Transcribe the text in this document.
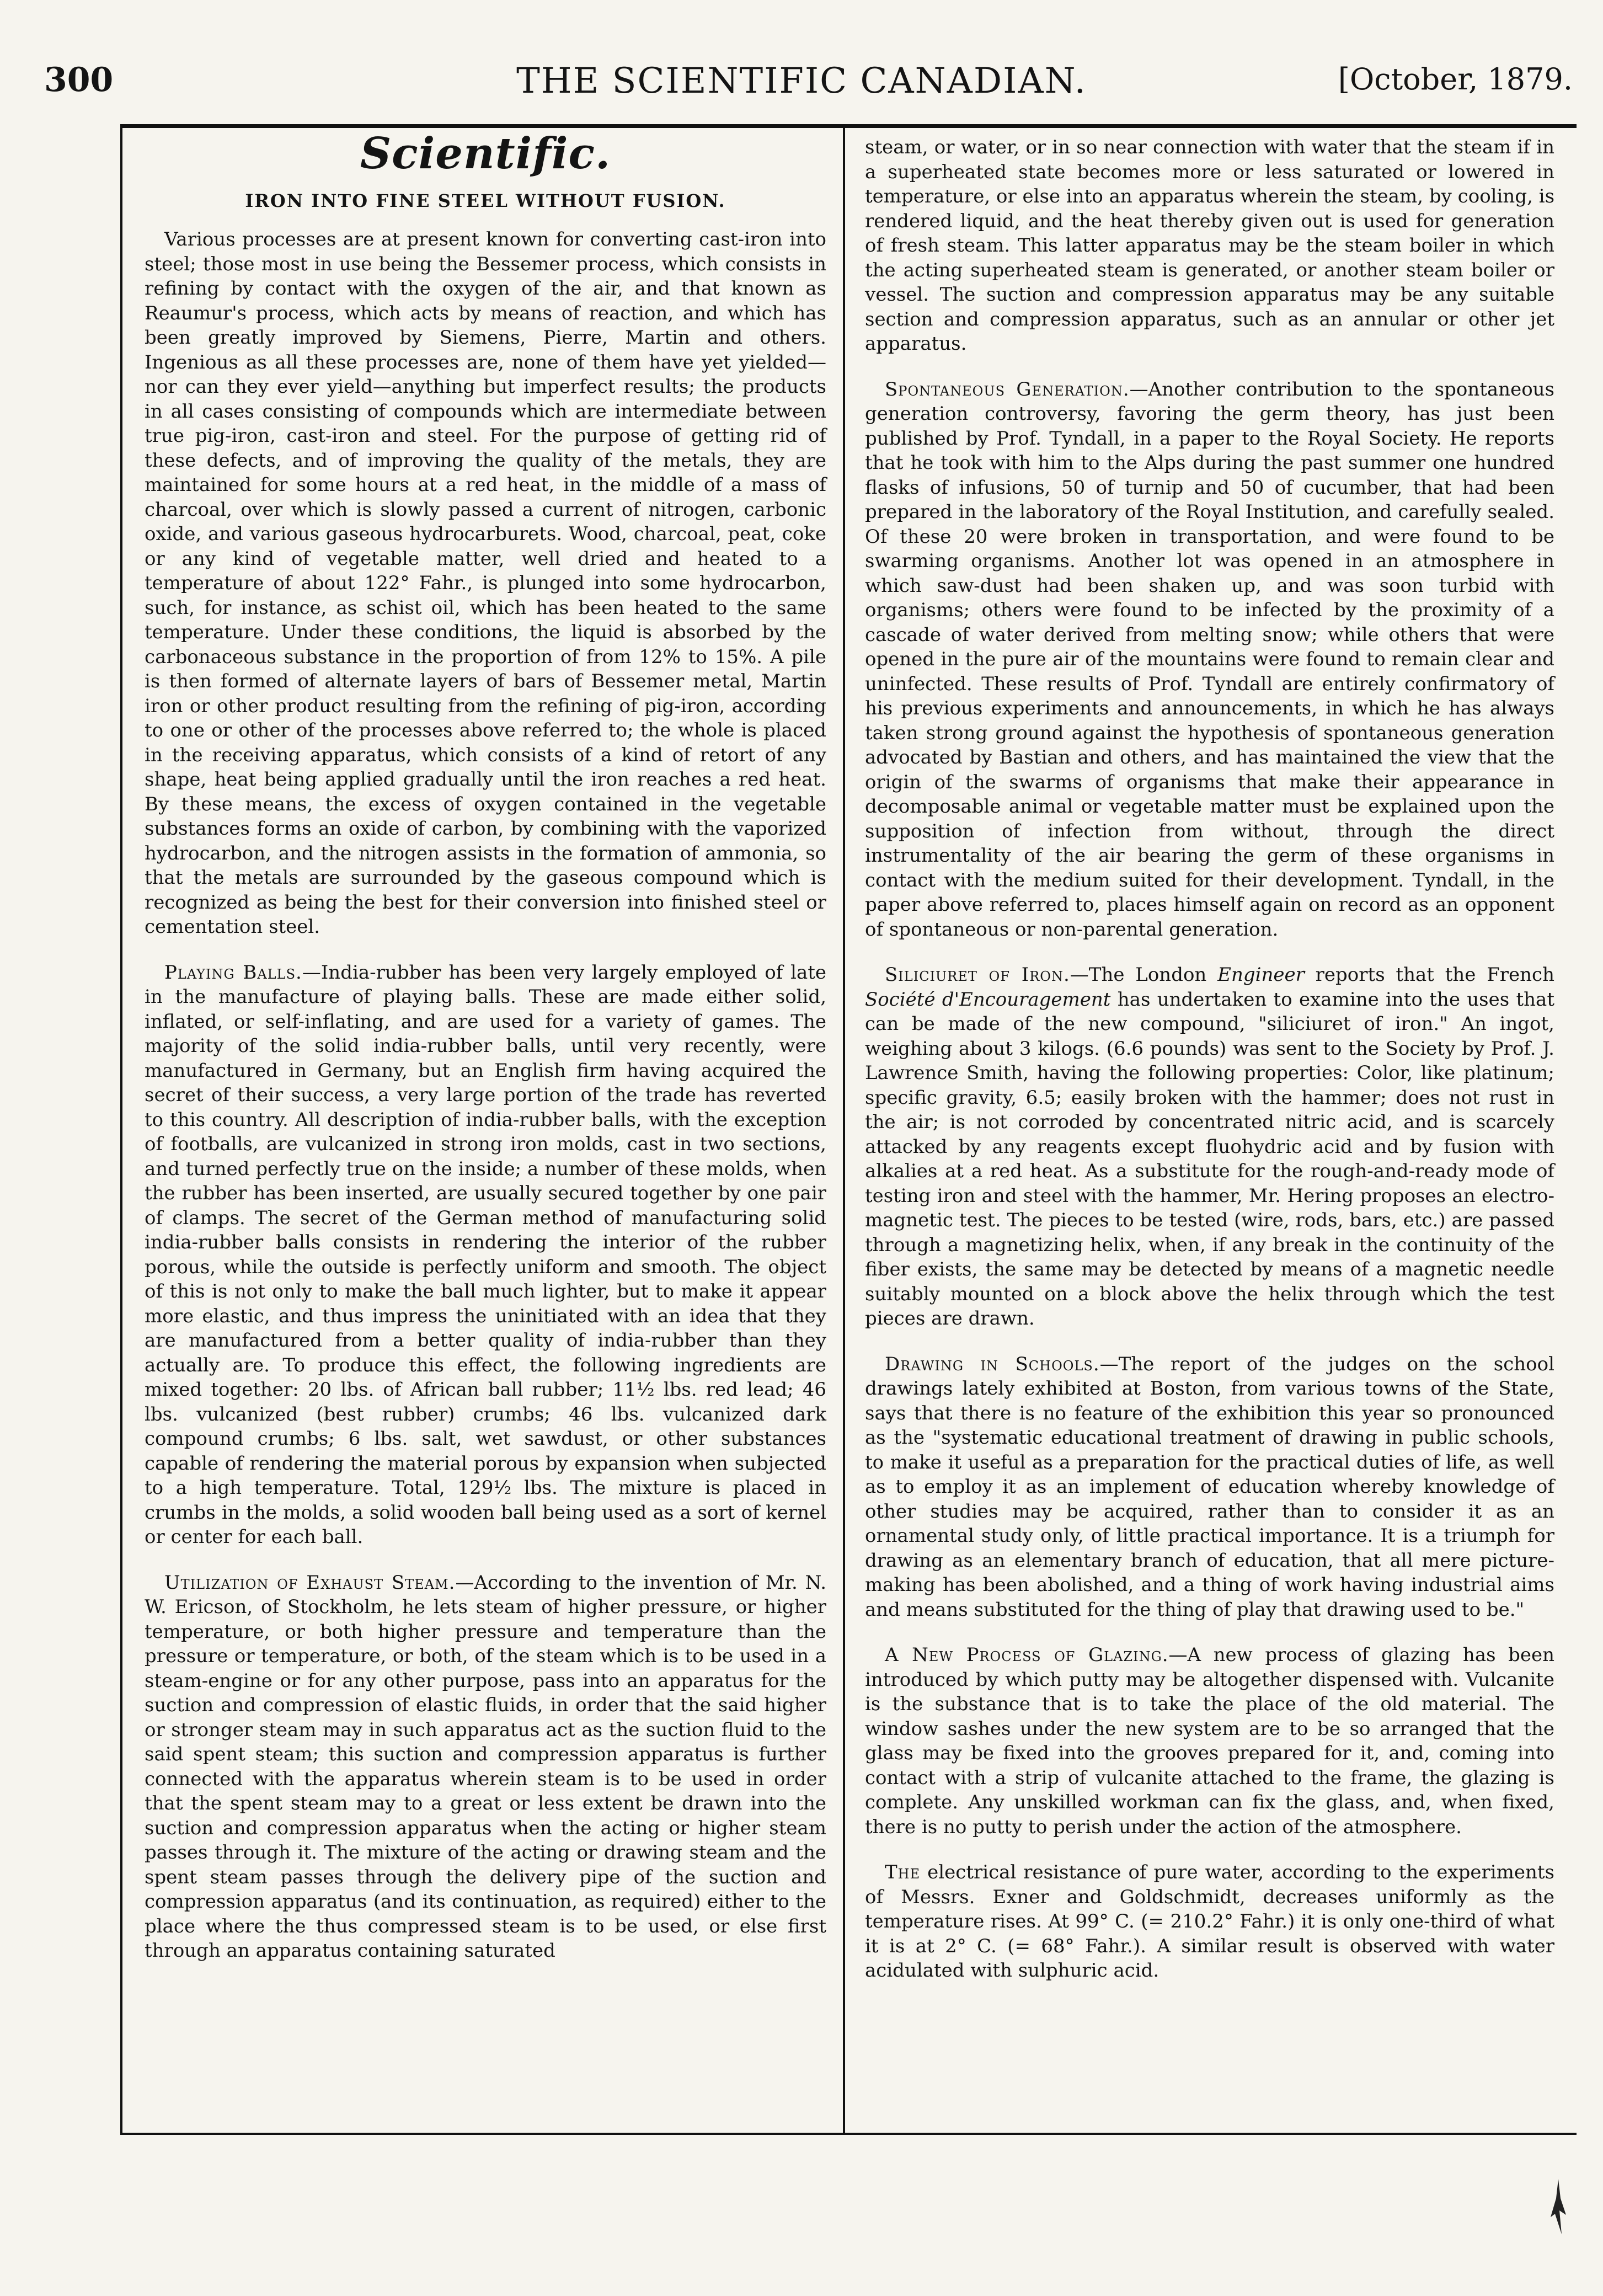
300	THE SCIENTIFIC CANADIAN.	[October, 1879.
Scientific.
IRON INTO FINE STEEL WITHOUT FUSION.

Various processes are at present known for converting cast-iron into steel; those most in use being the Bessemer process, which consists in refining by contact with the oxygen of the air, and that known as Reaumur's process, which acts by means of reaction, and which has been greatly improved by Siemens, Pierre, Martin and others. Ingenious as all these processes are, none of them have yet yielded—nor can they ever yield—anything but imperfect results; the products in all cases consisting of compounds which are intermediate between true pig-iron, cast-iron and steel. For the purpose of getting rid of these defects, and of improving the quality of the metals, they are maintained for some hours at a red heat, in the middle of a mass of charcoal, over which is slowly passed a current of nitrogen, carbonic oxide, and various gaseous hydrocarburets. Wood, charcoal, peat, coke or any kind of vegetable matter, well dried and heated to a temperature of about 122° Fahr., is plunged into some hydrocarbon, such, for instance, as schist oil, which has been heated to the same temperature. Under these conditions, the liquid is absorbed by the carbonaceous substance in the proportion of from 12% to 15%. A pile is then formed of alternate layers of bars of Bessemer metal, Martin iron or other product resulting from the refining of pig-iron, according to one or other of the processes above referred to; the whole is placed in the receiving apparatus, which consists of a kind of retort of any shape, heat being applied gradually until the iron reaches a red heat. By these means, the excess of oxygen contained in the vegetable substances forms an oxide of carbon, by combining with the vaporized hydrocarbon, and the nitrogen assists in the formation of ammonia, so that the metals are surrounded by the gaseous compound which is recognized as being the best for their conversion into finished steel or cementation steel.

Playing Balls.—India-rubber has been very largely employed of late in the manufacture of playing balls. These are made either solid, inflated, or self-inflating, and are used for a variety of games. The majority of the solid india-rubber balls, until very recently, were manufactured in Germany, but an English firm having acquired the secret of their success, a very large portion of the trade has reverted to this country. All description of india-rubber balls, with the exception of footballs, are vulcanized in strong iron molds, cast in two sections, and turned perfectly true on the inside; a number of these molds, when the rubber has been inserted, are usually secured together by one pair of clamps. The secret of the German method of manufacturing solid india-rubber balls consists in rendering the interior of the rubber porous, while the outside is perfectly uniform and smooth. The object of this is not only to make the ball much lighter, but to make it appear more elastic, and thus impress the uninitiated with an idea that they are manufactured from a better quality of india-rubber than they actually are. To produce this effect, the following ingredients are mixed together: 20 lbs. of African ball rubber; 11½ lbs. red lead; 46 lbs. vulcanized (best rubber) crumbs; 46 lbs. vulcanized dark compound crumbs; 6 lbs. salt, wet sawdust, or other substances capable of rendering the material porous by expansion when subjected to a high temperature. Total, 129½ lbs. The mixture is placed in crumbs in the molds, a solid wooden ball being used as a sort of kernel or center for each ball.

Utilization of Exhaust Steam.—According to the invention of Mr. N. W. Ericson, of Stockholm, he lets steam of higher pressure, or higher temperature, or both higher pressure and temperature than the pressure or temperature, or both, of the steam which is to be used in a steam-engine or for any other purpose, pass into an apparatus for the suction and compression of elastic fluids, in order that the said higher or stronger steam may in such apparatus act as the suction fluid to the said spent steam; this suction and compression apparatus is further connected with the apparatus wherein steam is to be used in order that the spent steam may to a great or less extent be drawn into the suction and compression apparatus when the acting or higher steam passes through it. The mixture of the acting or drawing steam and the spent steam passes through the delivery pipe of the suction and compression apparatus (and its continuation, as required) either to the place where the thus compressed steam is to be used, or else first through an apparatus containing saturated

steam, or water, or in so near connection with water that the steam if in a superheated state becomes more or less saturated or lowered in temperature, or else into an apparatus wherein the steam, by cooling, is rendered liquid, and the heat thereby given out is used for generation of fresh steam. This latter apparatus may be the steam boiler in which the acting superheated steam is generated, or another steam boiler or vessel. The suction and compression apparatus may be any suitable section and compression apparatus, such as an annular or other jet apparatus.

Spontaneous Generation.—Another contribution to the spontaneous generation controversy, favoring the germ theory, has just been published by Prof. Tyndall, in a paper to the Royal Society. He reports that he took with him to the Alps during the past summer one hundred flasks of infusions, 50 of turnip and 50 of cucumber, that had been prepared in the laboratory of the Royal Institution, and carefully sealed. Of these 20 were broken in transportation, and were found to be swarming organisms. Another lot was opened in an atmosphere in which saw-dust had been shaken up, and was soon turbid with organisms; others were found to be infected by the proximity of a cascade of water derived from melting snow; while others that were opened in the pure air of the mountains were found to remain clear and uninfected. These results of Prof. Tyndall are entirely confirmatory of his previous experiments and announcements, in which he has always taken strong ground against the hypothesis of spontaneous generation advocated by Bastian and others, and has maintained the view that the origin of the swarms of organisms that make their appearance in decomposable animal or vegetable matter must be explained upon the supposition of infection from without, through the direct instrumentality of the air bearing the germ of these organisms in contact with the medium suited for their development. Tyndall, in the paper above referred to, places himself again on record as an opponent of spontaneous or non-parental generation.

Siliciuret of Iron.—The London Engineer reports that the French Société d'Encouragement has undertaken to examine into the uses that can be made of the new compound, "siliciuret of iron." An ingot, weighing about 3 kilogs. (6.6 pounds) was sent to the Society by Prof. J. Lawrence Smith, having the following properties: Color, like platinum; specific gravity, 6.5; easily broken with the hammer; does not rust in the air; is not corroded by concentrated nitric acid, and is scarcely attacked by any reagents except fluohydric acid and by fusion with alkalies at a red heat. As a substitute for the rough-and-ready mode of testing iron and steel with the hammer, Mr. Hering proposes an electro-magnetic test. The pieces to be tested (wire, rods, bars, etc.) are passed through a magnetizing helix, when, if any break in the continuity of the fiber exists, the same may be detected by means of a magnetic needle suitably mounted on a block above the helix through which the test pieces are drawn.

Drawing in Schools.—The report of the judges on the school drawings lately exhibited at Boston, from various towns of the State, says that there is no feature of the exhibition this year so pronounced as the "systematic educational treatment of drawing in public schools, to make it useful as a preparation for the practical duties of life, as well as to employ it as an implement of education whereby knowledge of other studies may be acquired, rather than to consider it as an ornamental study only, of little practical importance. It is a triumph for drawing as an elementary branch of education, that all mere picture-making has been abolished, and a thing of work having industrial aims and means substituted for the thing of play that drawing used to be."

A New Process of Glazing.—A new process of glazing has been introduced by which putty may be altogether dispensed with. Vulcanite is the substance that is to take the place of the old material. The window sashes under the new system are to be so arranged that the glass may be fixed into the grooves prepared for it, and, coming into contact with a strip of vulcanite attached to the frame, the glazing is complete. Any unskilled workman can fix the glass, and, when fixed, there is no putty to perish under the action of the atmosphere.

The electrical resistance of pure water, according to the experiments of Messrs. Exner and Goldschmidt, decreases uniformly as the temperature rises. At 99° C. (= 210.2° Fahr.) it is only one-third of what it is at 2° C. (= 68° Fahr.). A similar result is observed with water acidulated with sulphuric acid.
